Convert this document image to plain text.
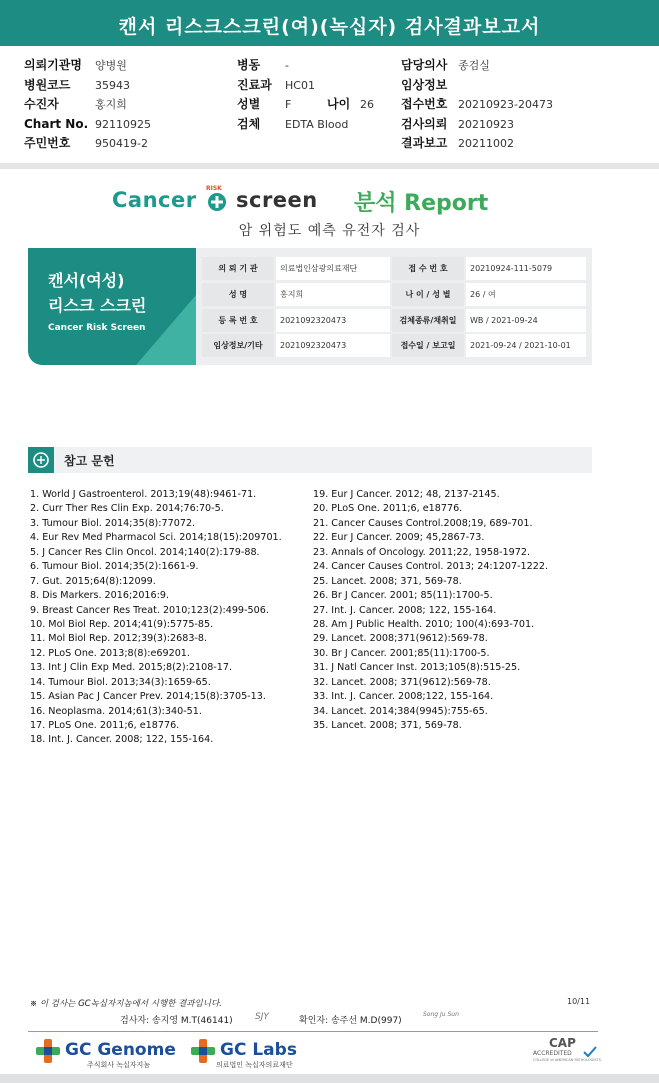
캔서 리스크스크린(여)(녹십자) 검사결과보고서
의뢰기관명 양병원
병원코드 35943
수진자	홍지희
Chart No. 92110925
주민번호 950419-2
병동 -
진료과 HC01
성별 F	나이 26
검체 EDTA Blood
담당의사 종검실
임상정보
접수번호 20210923-20473
검사의뢰 20210923
결과보고 20211002
Cancer RISK screen 분석 Report
암 위험도 예측 유전자 검사
캔서(여성)
리스크 스크린
Cancer Risk Screen
의 뢰 기 관	의료법인삼광의료재단	접 수 번 호	20210924-111-5079
성 명	홍지희	나 이 / 성 별	26 / 여
등 록 번 호	2021092320473	검체종류/채취일	WB / 2021-09-24
임상정보/기타	2021092320473	접수일 / 보고일	2021-09-24 / 2021-10-01
참고 문헌
1. World J Gastroenterol. 2013;19(48):9461-71.
2. Curr Ther Res Clin Exp. 2014;76:70-5.
3. Tumour Biol. 2014;35(8):77072.
4. Eur Rev Med Pharmacol Sci. 2014;18(15):209701.
5. J Cancer Res Clin Oncol. 2014;140(2):179-88.
6. Tumour Biol. 2014;35(2):1661-9.
7. Gut. 2015;64(8):12099.
8. Dis Markers. 2016;2016:9.
9. Breast Cancer Res Treat. 2010;123(2):499-506.
10. Mol Biol Rep. 2014;41(9):5775-85.
11. Mol Biol Rep. 2012;39(3):2683-8.
12. PLoS One. 2013;8(8):e69201.
13. Int J Clin Exp Med. 2015;8(2):2108-17.
14. Tumour Biol. 2013;34(3):1659-65.
15. Asian Pac J Cancer Prev. 2014;15(8):3705-13.
16. Neoplasma. 2014;61(3):340-51.
17. PLoS One. 2011;6, e18776.
18. Int. J. Cancer. 2008; 122, 155-164.
19. Eur J Cancer. 2012; 48, 2137-2145.
20. PLoS One. 2011;6, e18776.
21. Cancer Causes Control.2008;19, 689-701.
22. Eur J Cancer. 2009; 45,2867-73.
23. Annals of Oncology. 2011;22, 1958-1972.
24. Cancer Causes Control. 2013; 24:1207-1222.
25. Lancet. 2008; 371, 569-78.
26. Br J Cancer. 2001; 85(11):1700-5.
27. Int. J. Cancer. 2008; 122, 155-164.
28. Am J Public Health. 2010; 100(4):693-701.
29. Lancet. 2008;371(9612):569-78.
30. Br J Cancer. 2001;85(11):1700-5.
31. J Natl Cancer Inst. 2013;105(8):515-25.
32. Lancet. 2008; 371(9612):569-78.
33. Int. J. Cancer. 2008;122, 155-164.
34. Lancet. 2014;384(9945):755-65.
35. Lancet. 2008; 371, 569-78.
※ 이 검사는 GC녹십자지놈에서 시행한 결과입니다.	10/11
검사자: 송지영 M.T(46141) SJY	확인자: 송주선 M.D(997)
Song Ju Sun
GC Genome
주식회사 녹십자지놈
GC Labs
의료법인 녹십자의료재단
CAP
ACCREDITED
COLLEGE of AMERICAN PATHOLOGISTS
